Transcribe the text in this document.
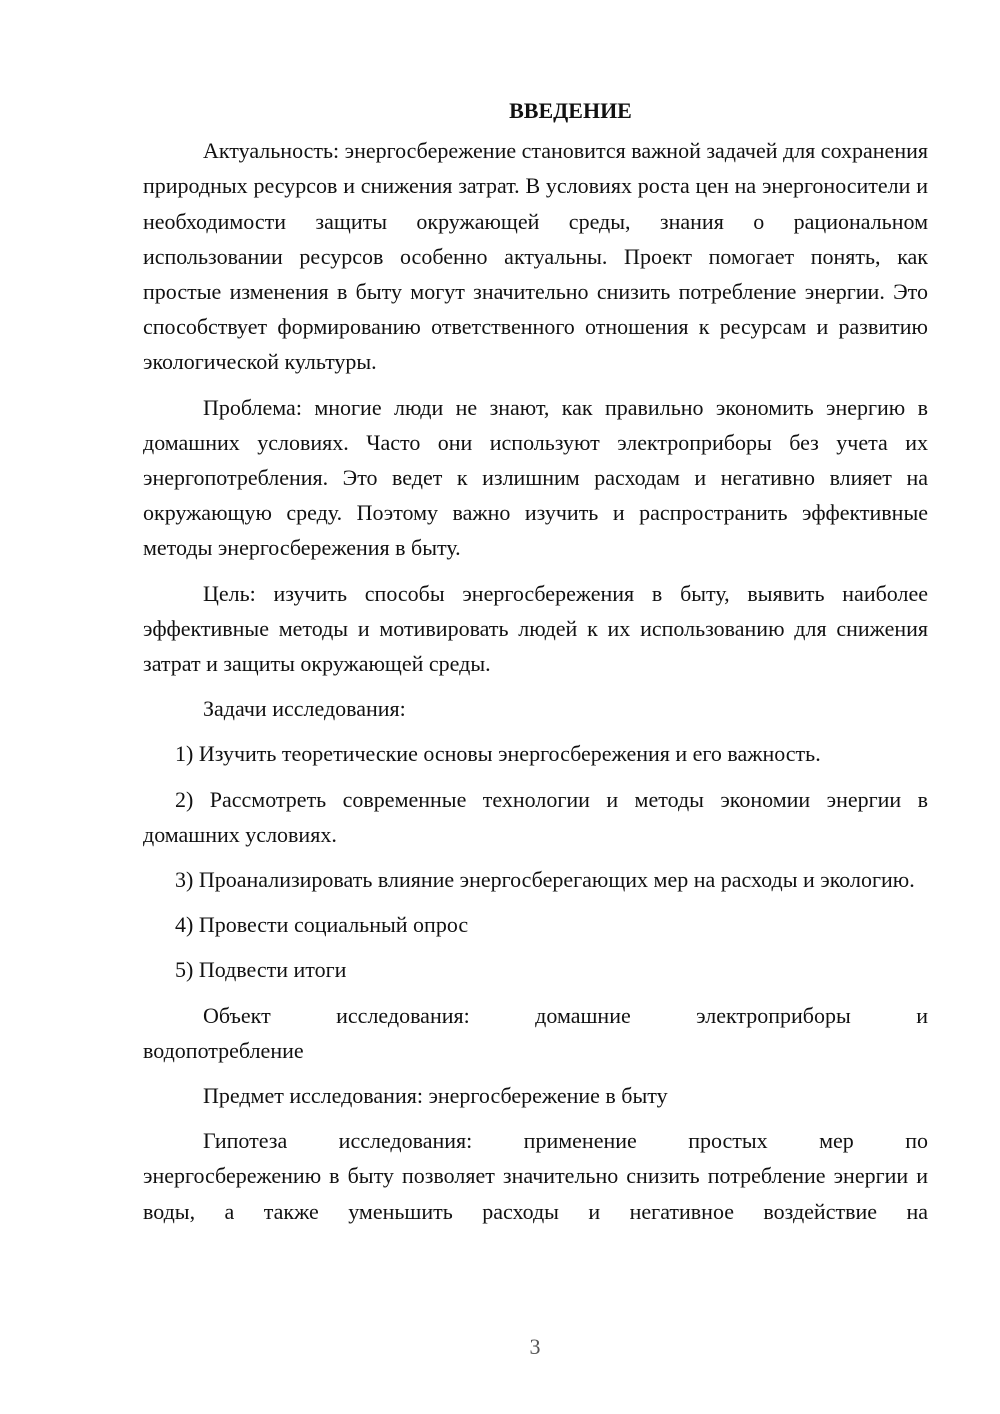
ВВЕДЕНИЕ

Актуальность: энергосбережение становится важной задачей для сохранения природных ресурсов и снижения затрат. В условиях роста цен на энергоносители и необходимости защиты окружающей среды, знания о рациональном использовании ресурсов особенно актуальны. Проект помогает понять, как простые изменения в быту могут значительно снизить потребление энергии. Это способствует формированию ответственного отношения к ресурсам и развитию экологической культуры.

Проблема: многие люди не знают, как правильно экономить энергию в домашних условиях. Часто они используют электроприборы без учета их энергопотребления. Это ведет к излишним расходам и негативно влияет на окружающую среду. Поэтому важно изучить и распространить эффективные методы энергосбережения в быту.

Цель: изучить способы энергосбережения в быту, выявить наиболее эффективные методы и мотивировать людей к их использованию для снижения затрат и защиты окружающей среды.

Задачи исследования:

1) Изучить теоретические основы энергосбережения и его важность.

2) Рассмотреть современные технологии и методы экономии энергии в домашних условиях.

3) Проанализировать влияние энергосберегающих мер на расходы и экологию.

4) Провести социальный опрос

5) Подвести итоги

Объект исследования: домашние электроприборы и

водопотребление

Предмет исследования: энергосбережение в быту

Гипотеза исследования: применение простых мер по

энергосбережению в быту позволяет значительно снизить потребление энергии и воды, а также уменьшить расходы и негативное воздействие на

3
